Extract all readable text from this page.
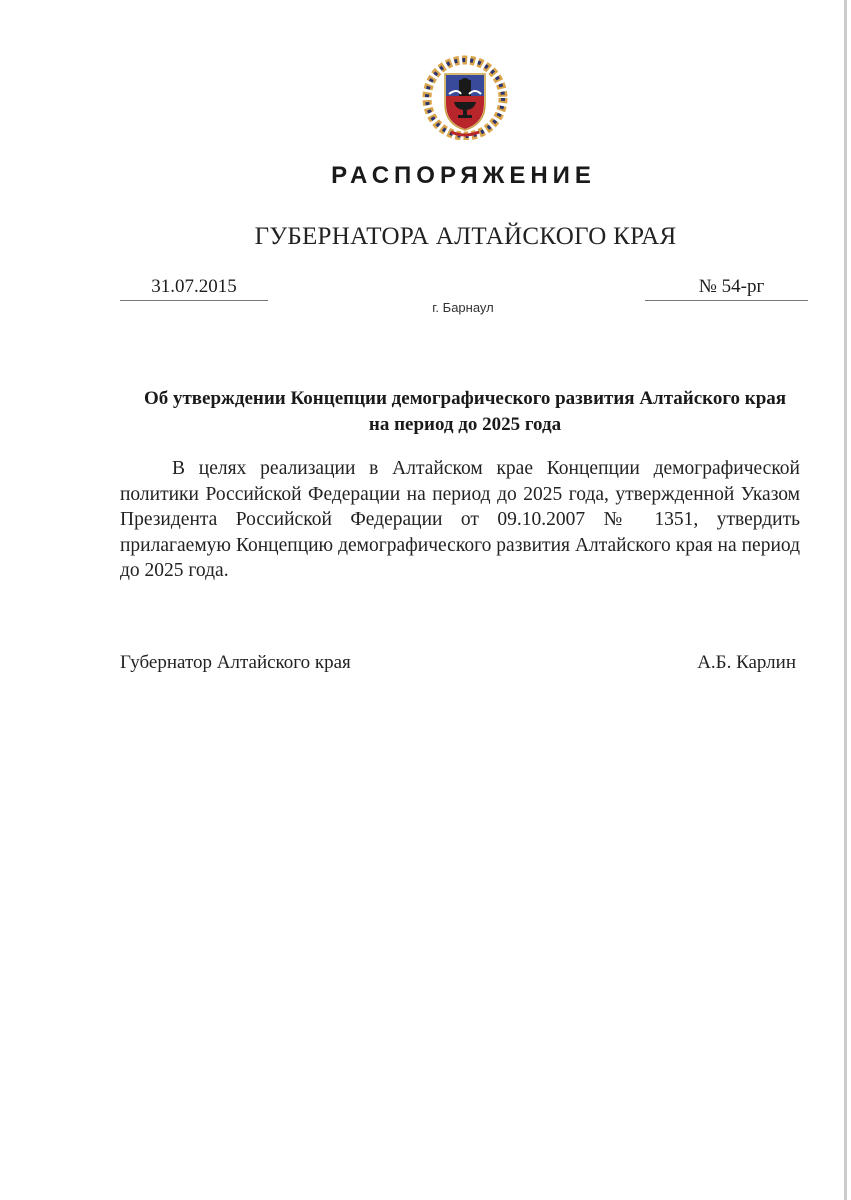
РАСПОРЯЖЕНИЕ
ГУБЕРНАТОРА АЛТАЙСКОГО КРАЯ
31.07.2015	№ 54-рг
г. Барнаул
Об утверждении Концепции демографического развития Алтайского края на период до 2025 года

В целях реализации в Алтайском крае Концепции демографической политики Российской Федерации на период до 2025 года, утвержденной Указом Президента Российской Федерации от 09.10.2007 № 1351, утвердить прилагаемую Концепцию демографического развития Алтайского края на период до 2025 года.

Губернатор Алтайского края	А.Б. Карлин
